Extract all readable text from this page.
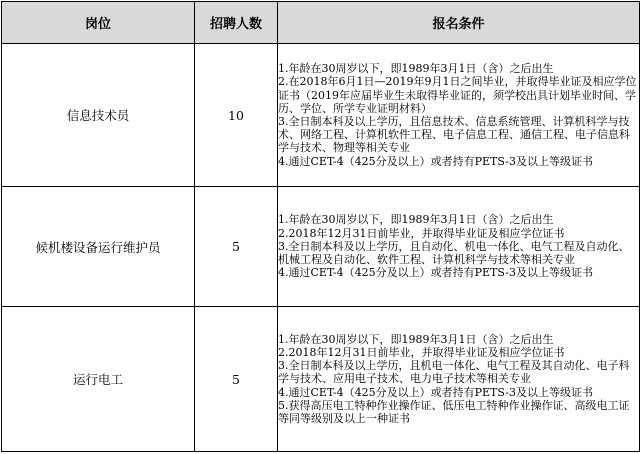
岗位	招聘人数	报名条件
信息技术员	10	1.年龄在30周岁以下，即1989年3月1日（含）之后出生
2.在2018年6月1日—2019年9月1日之间毕业，并取得毕业证及相应学位证书（2019年应届毕业生未取得毕业证的，须学校出具计划毕业时间、学历、学位、所学专业证明材料）
3.全日制本科及以上学历，且信息技术、信息系统管理、计算机科学与技术、网络工程、计算机软件工程、电子信息工程、通信工程、电子信息科学与技术、物理等相关专业
4.通过CET-4（425分及以上）或者持有PETS-3及以上等级证书

候机楼设备运行维护员	5	1.年龄在30周岁以下，即1989年3月1日（含）之后出生
2.2018年12月31日前毕业，并取得毕业证及相应学位证书
3.全日制本科及以上学历，且自动化、机电一体化、电气工程及自动化、机械工程及自动化、软件工程、计算机科学与技术等相关专业
4.通过CET-4（425分及以上）或者持有PETS-3及以上等级证书

运行电工	5	1.年龄在30周岁以下，即1989年3月1日（含）之后出生
2.2018年12月31日前毕业，并取得毕业证及相应学位证书
3.全日制本科及以上学历，且机电一体化、电气工程及其自动化、电子科学与技术、应用电子技术、电力电子技术等相关专业
4.通过CET-4（425分及以上）或者持有PETS-3及以上等级证书
5.获得高压电工特种作业操作证、低压电工特种作业操作证、高级电工证等同等级别及以上一种证书
